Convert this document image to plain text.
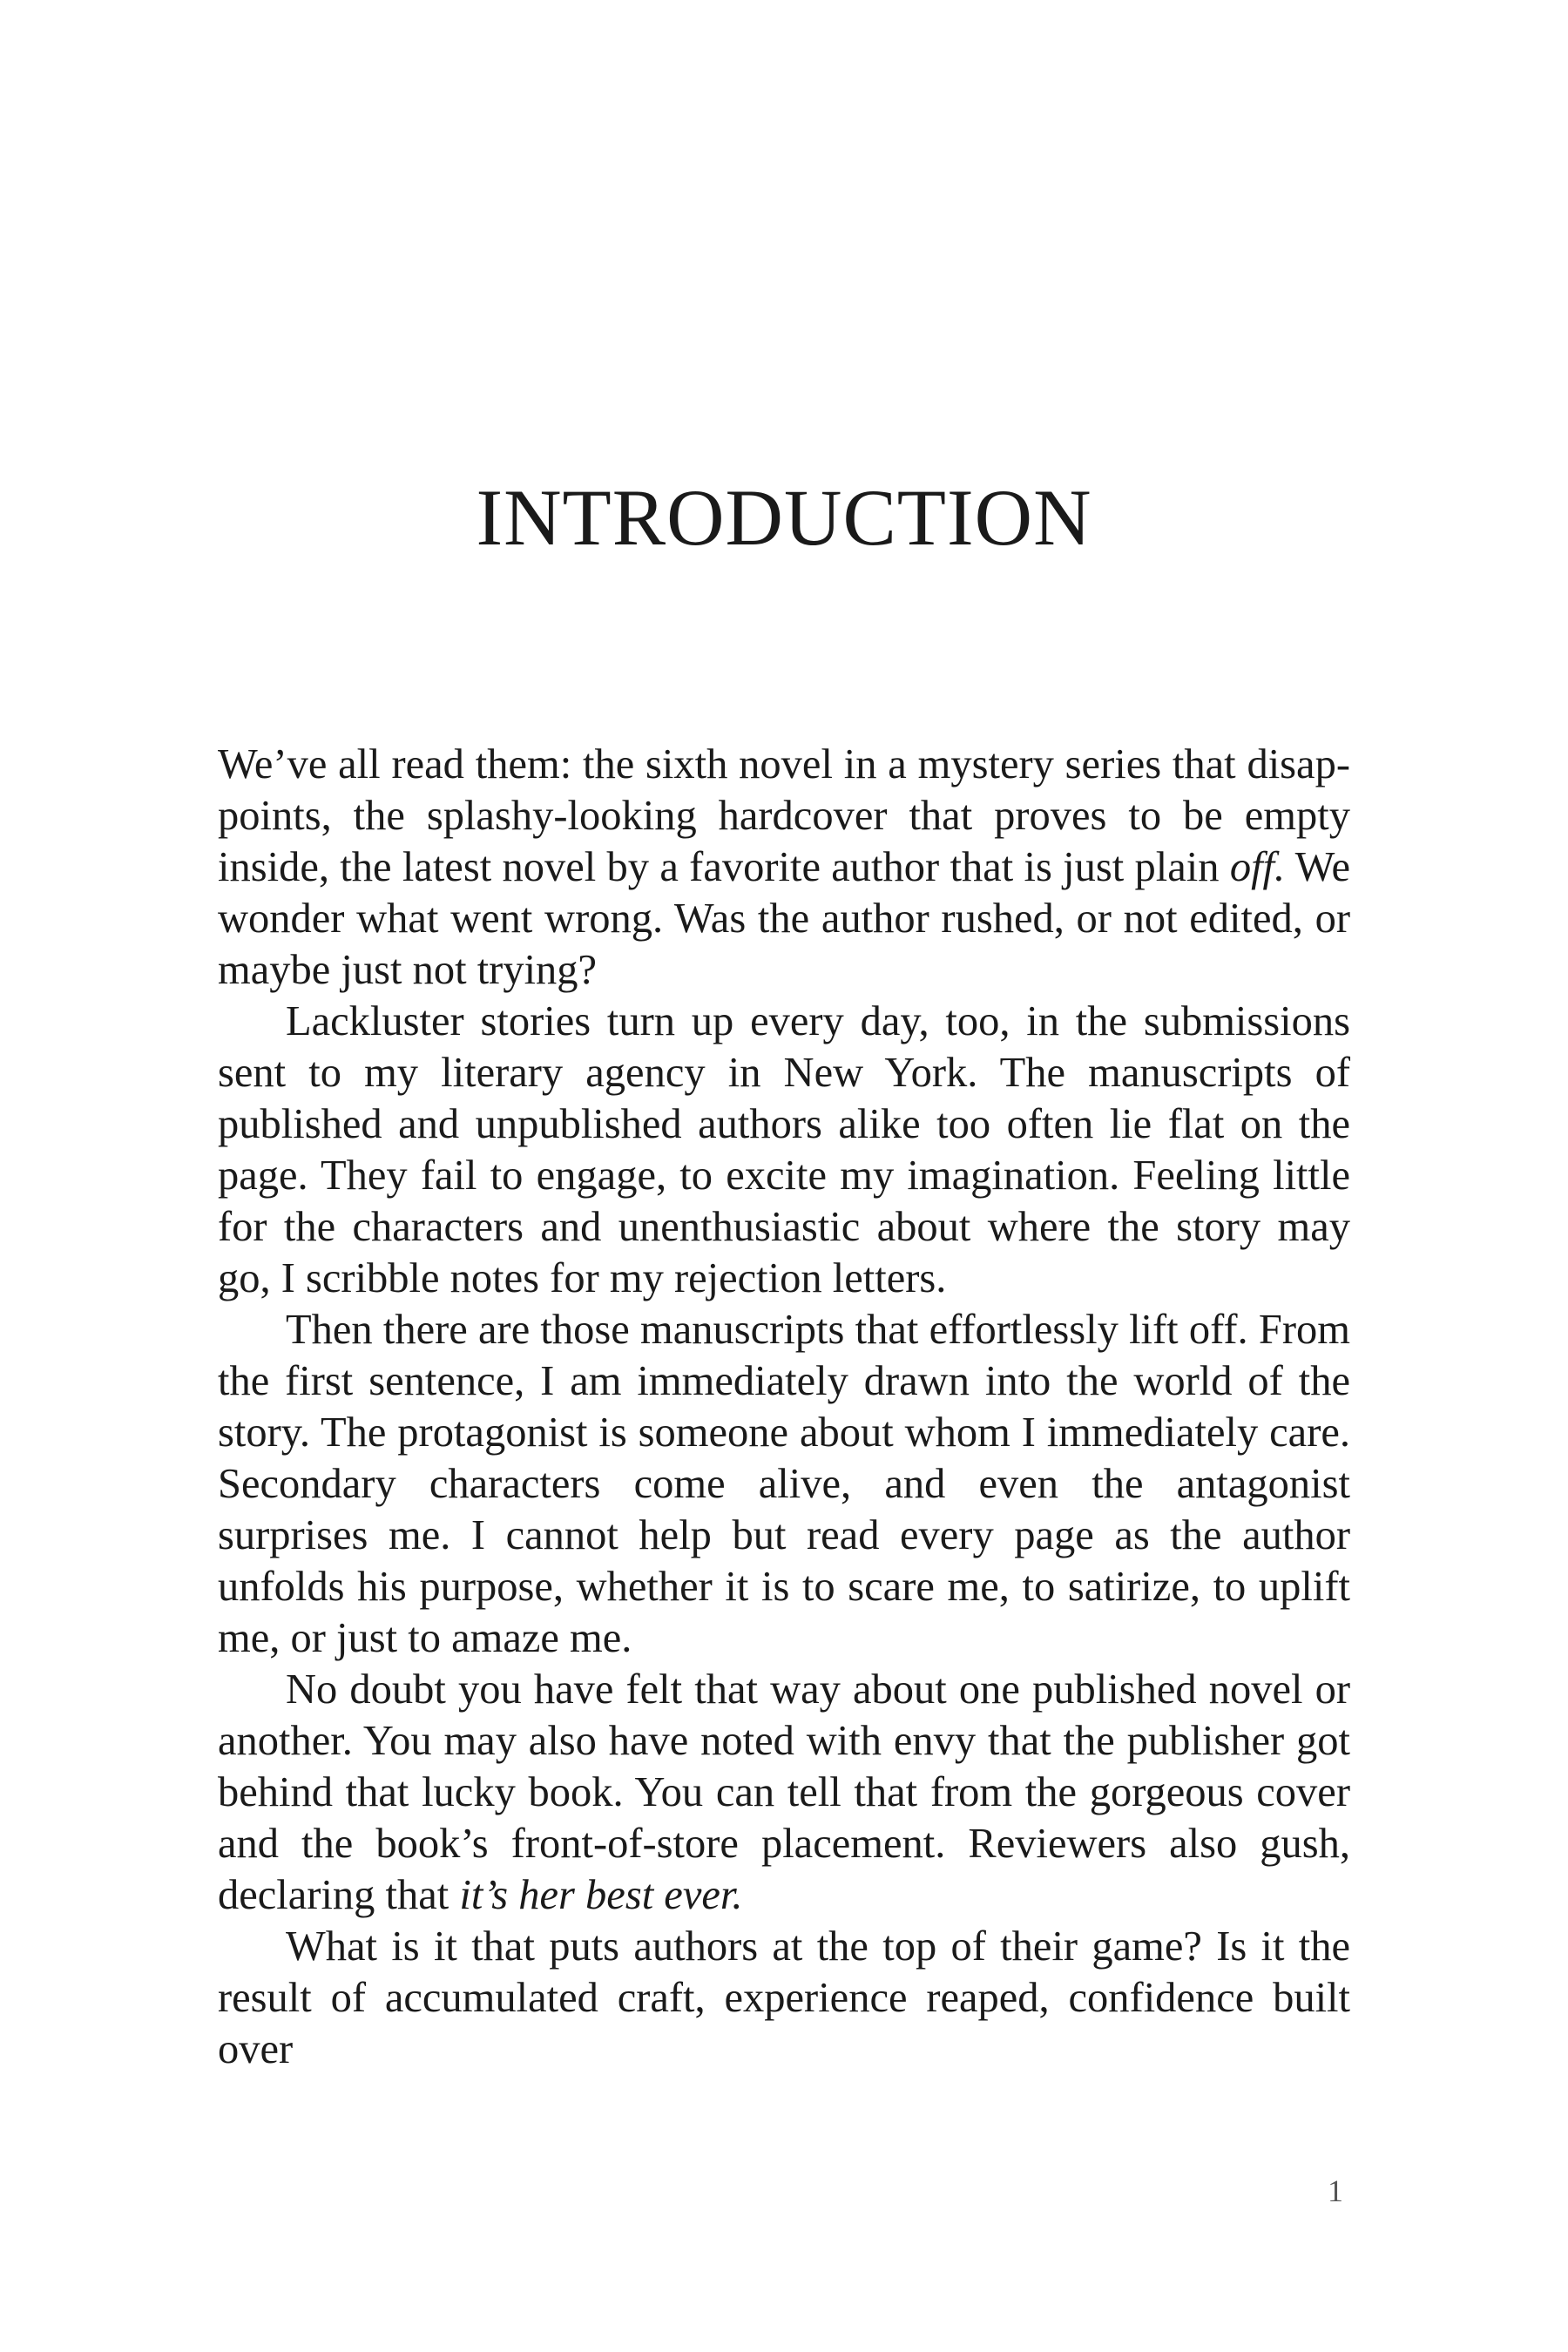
INTRODUCTION

We’ve all read them: the sixth novel in a mystery series that disappoints, the splashy-looking hardcover that proves to be empty inside, the latest novel by a favorite author that is just plain off. We wonder what went wrong. Was the author rushed, or not edited, or maybe just not trying?

Lackluster stories turn up every day, too, in the submissions sent to my literary agency in New York. The manuscripts of published and unpublished authors alike too often lie flat on the page. They fail to engage, to excite my imagination. Feeling little for the characters and unenthusiastic about where the story may go, I scribble notes for my rejection letters.

Then there are those manuscripts that effortlessly lift off. From the first sentence, I am immediately drawn into the world of the story. The protagonist is someone about whom I immediately care. Secondary characters come alive, and even the antagonist surprises me. I cannot help but read every page as the author unfolds his purpose, whether it is to scare me, to satirize, to uplift me, or just to amaze me.

No doubt you have felt that way about one published novel or another. You may also have noted with envy that the publisher got behind that lucky book. You can tell that from the gorgeous cover and the book’s front-of-store placement. Reviewers also gush, declaring that it’s her best ever.

What is it that puts authors at the top of their game? Is it the result of accumulated craft, experience reaped, confidence built over

1
